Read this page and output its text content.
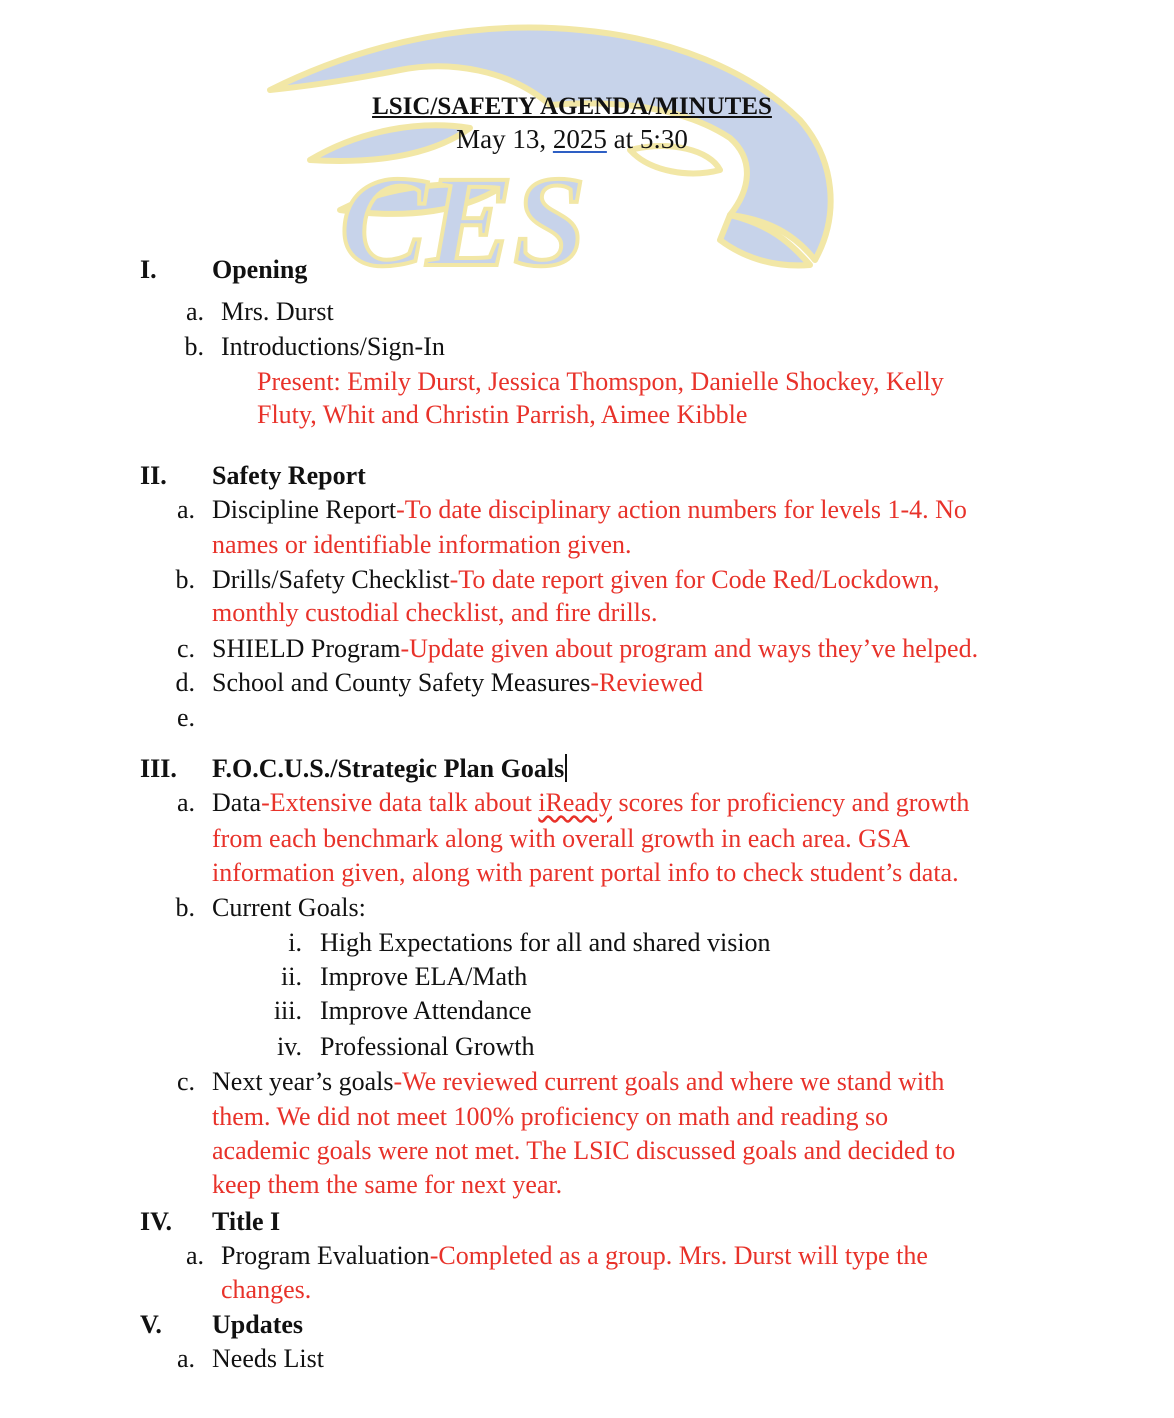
CES
LSIC/SAFETY AGENDA/MINUTES
May 13, 2025 at 5:30
I. Opening
a. Mrs. Durst
b. Introductions/Sign-In
Present: Emily Durst, Jessica Thomspon, Danielle Shockey, Kelly
Fluty, Whit and Christin Parrish, Aimee Kibble
II. Safety Report
a. Discipline Report-To date disciplinary action numbers for levels 1-4. No
names or identifiable information given.
b. Drills/Safety Checklist-To date report given for Code Red/Lockdown,
monthly custodial checklist, and fire drills.
c. SHIELD Program-Update given about program and ways they’ve helped.
d. School and County Safety Measures-Reviewed
e.
III. F.O.C.U.S./Strategic Plan Goals
a. Data-Extensive data talk about iReady scores for proficiency and growth
from each benchmark along with overall growth in each area. GSA
information given, along with parent portal info to check student’s data.
b. Current Goals:
i. High Expectations for all and shared vision
ii. Improve ELA/Math
iii. Improve Attendance
iv. Professional Growth
c. Next year’s goals-We reviewed current goals and where we stand with
them. We did not meet 100% proficiency on math and reading so
academic goals were not met. The LSIC discussed goals and decided to
keep them the same for next year.
IV. Title I
a. Program Evaluation-Completed as a group. Mrs. Durst will type the
changes.
V. Updates
a. Needs List
